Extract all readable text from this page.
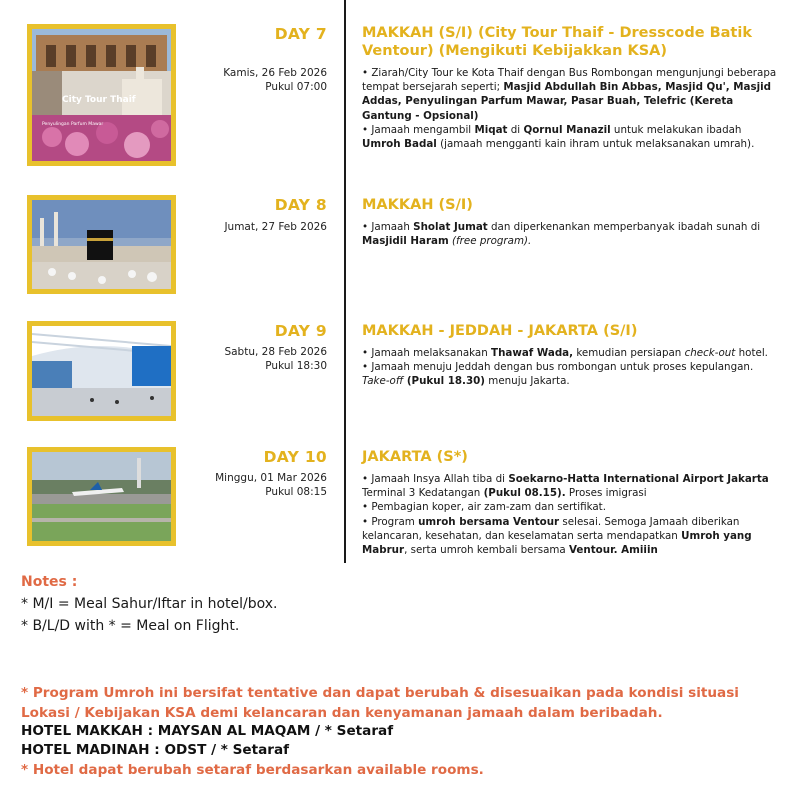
City Tour Thaif
Penyulingan Parfum Mawar
DAY 7
Kamis, 26 Feb 2026
Pukul 07:00
MAKKAH (S/I) (City Tour Thaif - Dresscode Batik Ventour) (Mengikuti Kebijakkan KSA)
• Ziarah/City Tour ke Kota Thaif dengan Bus Rombongan mengunjungi beberapa tempat bersejarah seperti; Masjid Abdullah Bin Abbas, Masjid Qu', Masjid Addas, Penyulingan Parfum Mawar, Pasar Buah, Telefric (Kereta Gantung - Opsional)
• Jamaah mengambil Miqat di Qornul Manazil untuk melakukan ibadah Umroh Badal (jamaah mengganti kain ihram untuk melaksanakan umrah).
DAY 8
Jumat, 27 Feb 2026
MAKKAH (S/I)
• Jamaah Sholat Jumat dan diperkenankan memperbanyak ibadah sunah di Masjidil Haram (free program).
DAY 9
Sabtu, 28 Feb 2026
Pukul 18:30
MAKKAH - JEDDAH - JAKARTA (S/I)
• Jamaah melaksanakan Thawaf Wada, kemudian persiapan check-out hotel.
• Jamaah menuju Jeddah dengan bus rombongan untuk proses kepulangan. Take-off (Pukul 18.30) menuju Jakarta.
DAY 10
Minggu, 01 Mar 2026
Pukul 08:15
JAKARTA (S*)
• Jamaah Insya Allah tiba di Soekarno-Hatta International Airport Jakarta Terminal 3 Kedatangan (Pukul 08.15). Proses imigrasi
• Pembagian koper, air zam-zam dan sertifikat.
• Program umroh bersama Ventour selesai. Semoga Jamaah diberikan kelancaran, kesehatan, dan keselamatan serta mendapatkan Umroh yang Mabrur, serta umroh kembali bersama Ventour. Amiiin
Notes :
* M/I = Meal Sahur/Iftar in hotel/box.
* B/L/D with * = Meal on Flight.
* Program Umroh ini bersifat tentative dan dapat berubah & disesuaikan pada kondisi situasi Lokasi / Kebijakan KSA demi kelancaran dan kenyamanan jamaah dalam beribadah.
HOTEL MAKKAH : MAYSAN AL MAQAM / * Setaraf
HOTEL MADINAH : ODST / * Setaraf
* Hotel dapat berubah setaraf berdasarkan available rooms.
